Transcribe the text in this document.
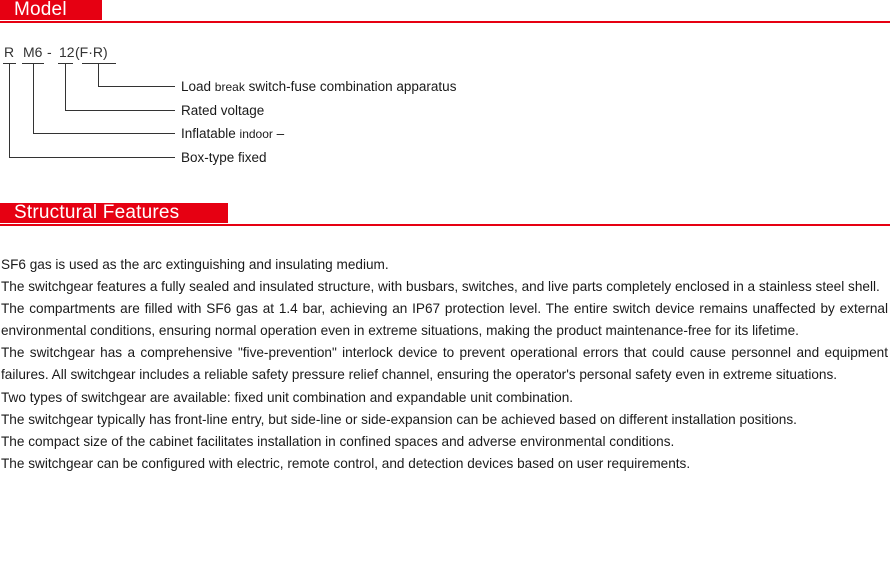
Model
R M6 - 12 (F·R)
Load break switch-fuse combination apparatus
Rated voltage
Inflatable indoor –
Box-type fixed
Structural Features

SF6 gas is used as the arc extinguishing and insulating medium.

The switchgear features a fully sealed and insulated structure, with busbars, switches, and live parts completely enclosed in a stainless steel shell.

The compartments are filled with SF6 gas at 1.4 bar, achieving an IP67 protection level. The entire switch device remains unaffected by external environmental conditions, ensuring normal operation even in extreme situations, making the product maintenance-free for its lifetime.

The switchgear has a comprehensive "five-prevention" interlock device to prevent operational errors that could cause personnel and equipment failures. All switchgear includes a reliable safety pressure relief channel, ensuring the operator's personal safety even in extreme situations.

Two types of switchgear are available: fixed unit combination and expandable unit combination.

The switchgear typically has front-line entry, but side-line or side-expansion can be achieved based on different installation positions.

The compact size of the cabinet facilitates installation in confined spaces and adverse environmental conditions.

The switchgear can be configured with electric, remote control, and detection devices based on user requirements.
